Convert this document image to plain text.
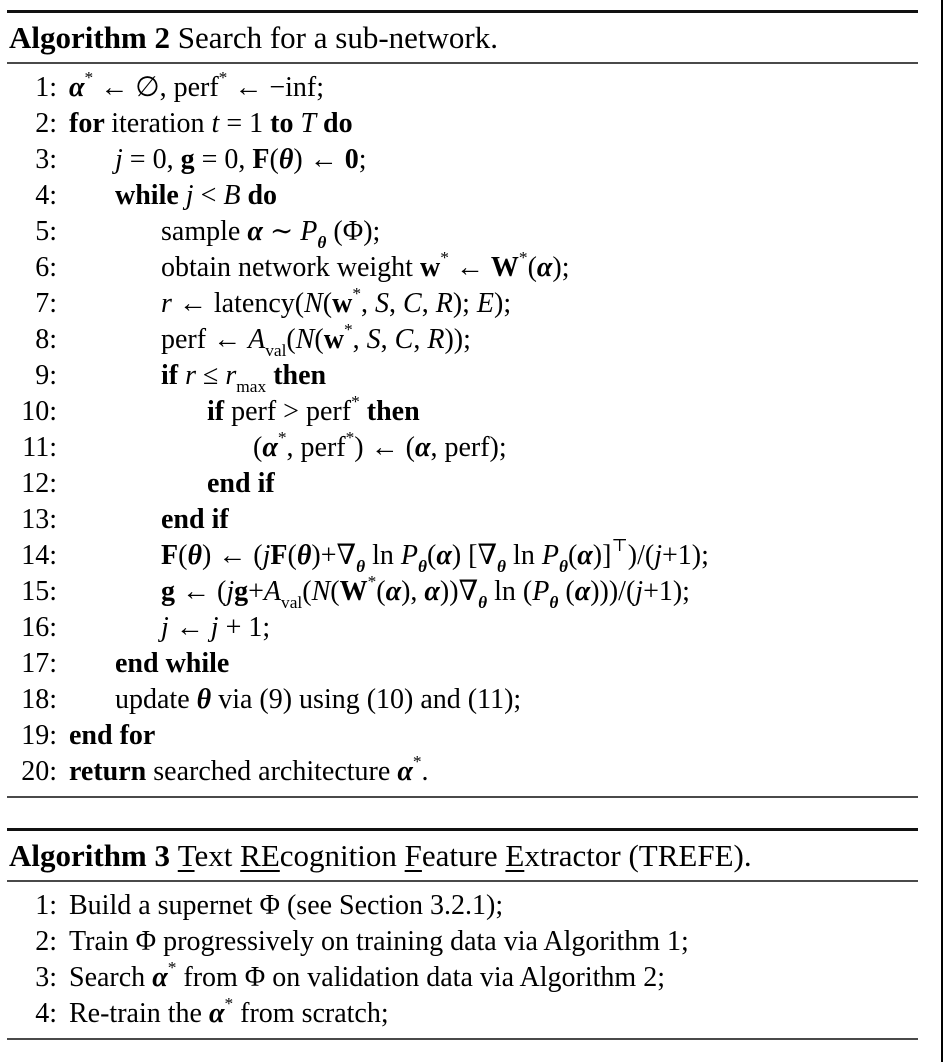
Algorithm 2 Search for a sub-network.
1: α* ← ∅, perf* ← −inf;
2: for iteration t = 1 to T do
3:	j = 0, g = 0, F(θ) ← 0;
4:	while j < B do
5:	sample α ∼ $P_\theta$ (Φ);
6:	obtain network weight w* ← W*(α);
7:	r ← latency(N(w*, S, C, R); E);
8:	perf ← $A_{val}(N(w^*$, S, C, R));
9:	if $r \le r_{max}$ then
10:	if perf > perf* then
11:	(α*, perf*) ← (α, perf);
12:	end if
13:	end if
14:	F(θ) ← ($jF(\theta)+\nabla_\theta$ $\ln P_\theta(\alpha)$ [$\nabla_\theta$ $\ln P_\theta(\alpha)]^⊤)/(j+1)$;
15:	g ← ($jg+A_{val}(N(W^*(\alpha)$, $\alpha))\nabla_\theta$ $\ln (P_\theta$ (α)))/(j+1);
16:	j ← j + 1;
17:	end while
18:	update θ via (9) using (10) and (11);
19: end for
20: return searched architecture α*.
Algorithm 3 Text REcognition Feature Extractor (TREFE).
1: Build a supernet Φ (see Section 3.2.1);
2: Train Φ progressively on training data via Algorithm 1;
3: Search α* from Φ on validation data via Algorithm 2;
4: Re-train the α* from scratch;
